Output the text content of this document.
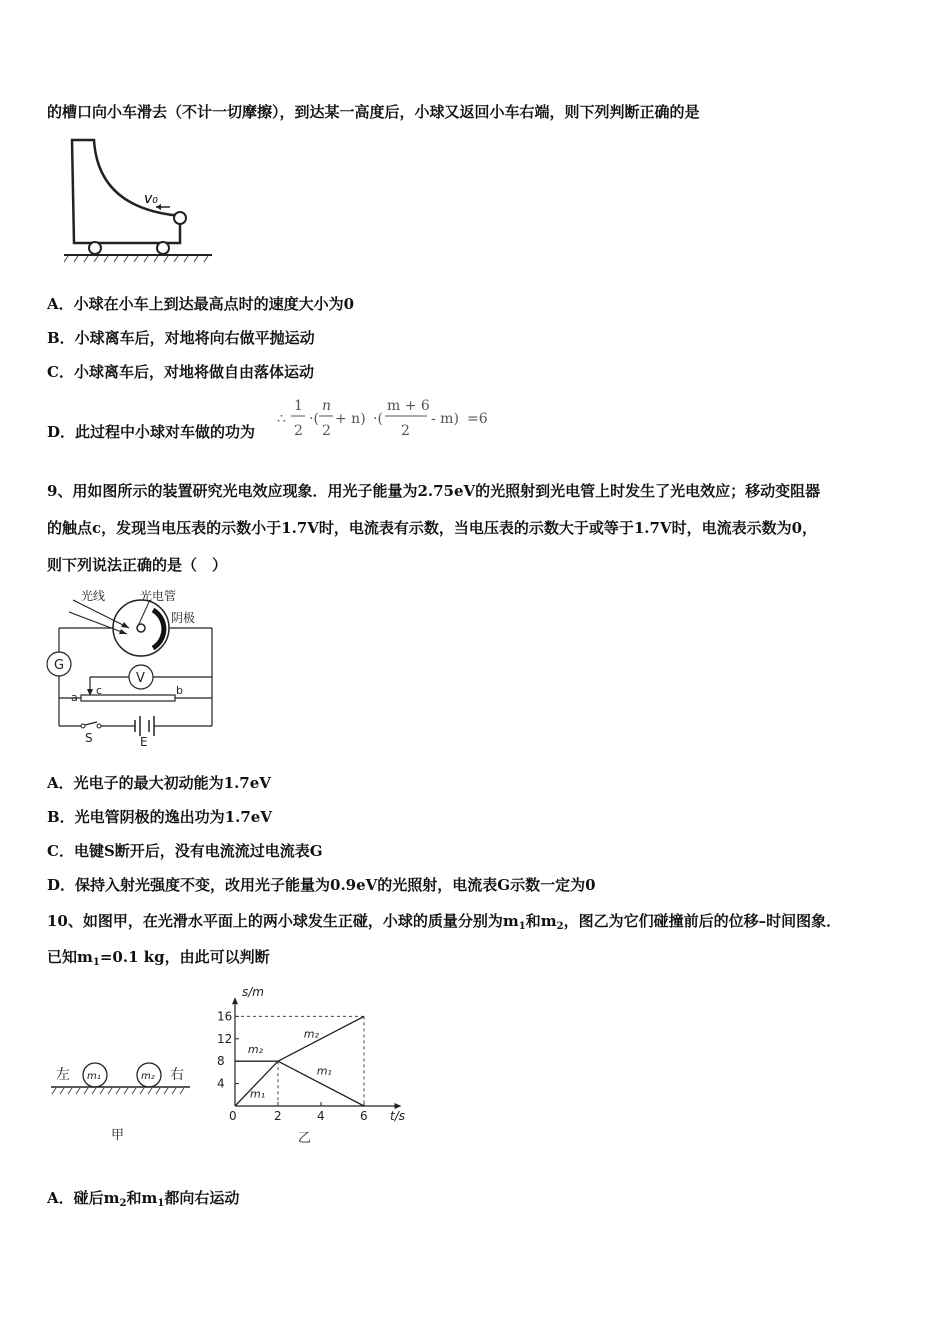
的槽口向小车滑去（不计一切摩擦），到达某一高度后，小球又返回小车右端，则下列判断正确的是
v₀
A．小球在小车上到达最高点时的速度大小为0
B．小球离车后，对地将向右做平抛运动
C．小球离车后，对地将做自由落体运动
D．此过程中小球对车做的功为
∴
1
2
·(
n
2
+ n) ·(
m + 6
2
- m) =6
9、用如图所示的装置研究光电效应现象．用光子能量为2.75eV的光照射到光电管上时发生了光电效应；移动变阻器
的触点c，发现当电压表的示数小于1.7V时，电流表有示数，当电压表的示数大于或等于1.7V时，电流表示数为0，
则下列说法正确的是（　）
光线	光电管
阴极
G
V
a
c	b
S	E
A．光电子的最大初动能为1.7eV
B．光电管阴极的逸出功为1.7eV
C．电键S断开后，没有电流流过电流表G
D．保持入射光强度不变，改用光子能量为0.9eV的光照射，电流表G示数一定为0
10、如图甲，在光滑水平面上的两小球发生正碰，小球的质量分别为$m_1$和$m_2$，图乙为它们碰撞前后的位移–时间图象．
已知$m_1=0.1$ kg，由此可以判断
左	右
m₁	m₂
甲
16
12
8
4
0	2	4	6
m₁
m₂
m₂
m₁
s/m
t/s
乙
A．碰后$m_2$和$m_1$都向右运动
